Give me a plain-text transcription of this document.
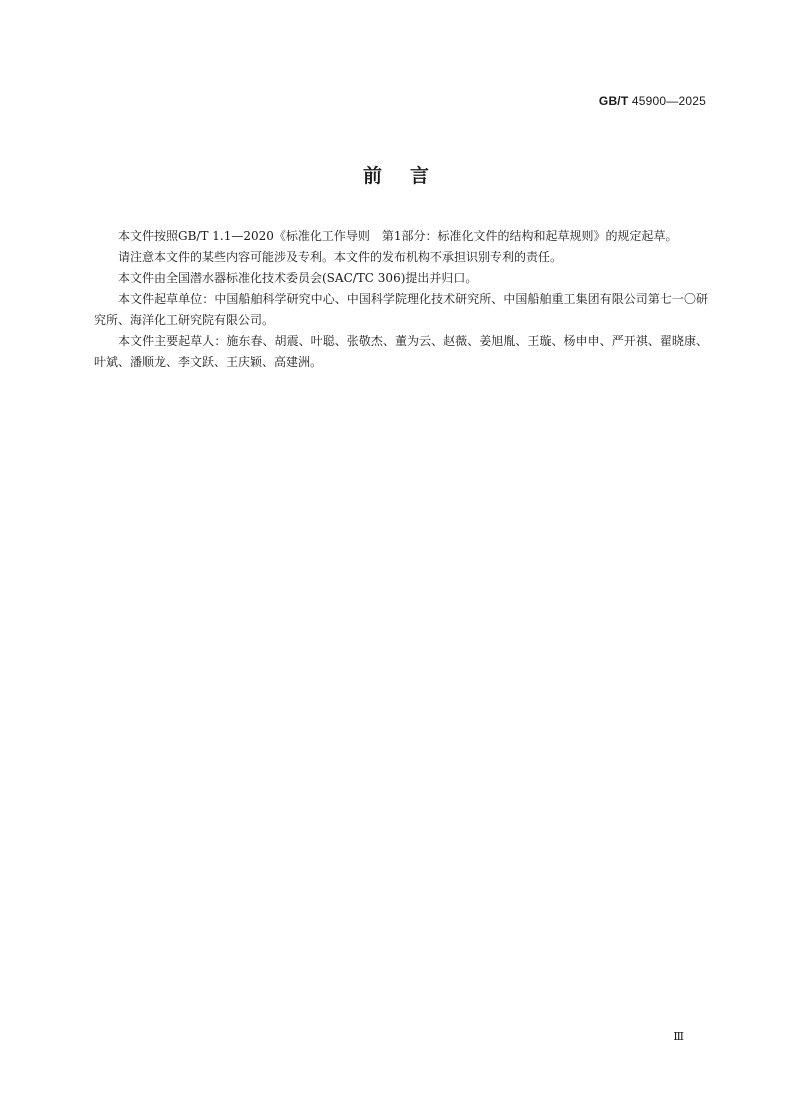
GB/T 45900—2025
前言

本文件按照GB/T 1.1—2020《标准化工作导则　第1部分：标准化文件的结构和起草规则》的规定起草。

请注意本文件的某些内容可能涉及专利。本文件的发布机构不承担识别专利的责任。

本文件由全国潜水器标准化技术委员会(SAC/TC 306)提出并归口。

本文件起草单位：中国船舶科学研究中心、中国科学院理化技术研究所、中国船舶重工集团有限公司第七一〇研究所、海洋化工研究院有限公司。

本文件主要起草人：施东春、胡震、叶聪、张敬杰、董为云、赵薇、姜旭胤、王璇、杨申申、严开祺、翟晓康、叶斌、潘顺龙、李文跃、王庆颖、高建洲。

Ⅲ
